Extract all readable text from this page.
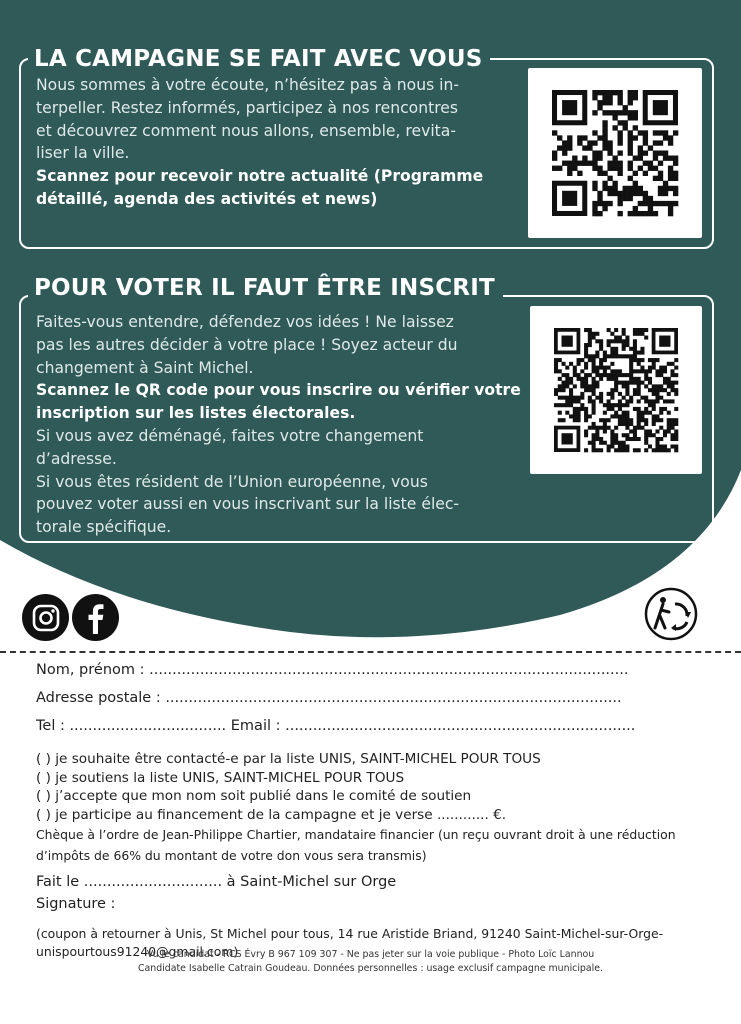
LA CAMPAGNE SE FAIT AVEC VOUS

Nous sommes à votre écoute, n’hésitez pas à nous in-

terpeller. Restez informés, participez à nos rencontres

et découvrez comment nous allons, ensemble, revita-

liser la ville.

Scannez pour recevoir notre actualité (Programme

détaillé, agenda des activités et news)

POUR VOTER IL FAUT ÊTRE INSCRIT

Faites-vous entendre, défendez vos idées ! Ne laissez

pas les autres décider à votre place ! Soyez acteur du

changement à Saint Michel.

Scannez le QR code pour vous inscrire ou vérifier votre

inscription sur les listes électorales.

Si vous avez déménagé, faites votre changement

d’adresse.

Si vous êtes résident de l’Union européenne, vous

pouvez voter aussi en vous inscrivant sur la liste élec-

torale spécifique.

Nom, prénom : ........................................................................................................
Adresse postale : ...................................................................................................
Tel : .................................. Email : ............................................................................
( ) je souhaite être contacté-e par la liste UNIS, SAINT-MICHEL POUR TOUS
( ) je soutiens la liste UNIS, SAINT-MICHEL POUR TOUS
( ) j’accepte que mon nom soit publié dans le comité de soutien
( ) je participe au financement de la campagne et je verse ............ €.
Chèque à l’ordre de Jean-Philippe Chartier, mandataire financier (un reçu ouvrant droit à une réduction d’impôts de 66% du montant de votre don vous sera transmis)
Fait le .............................. à Saint-Michel sur Orge
Signature :
(coupon à retourner à Unis, St Michel pour tous, 14 rue Aristide Briand, 91240 Saint-Michel-sur-Orge- unispourtous91240@gmail.com)
Vu le candidat - RCS Évry B 967 109 307 - Ne pas jeter sur la voie publique - Photo Loïc Lannou
Candidate Isabelle Catrain Goudeau. Données personnelles : usage exclusif campagne municipale.
